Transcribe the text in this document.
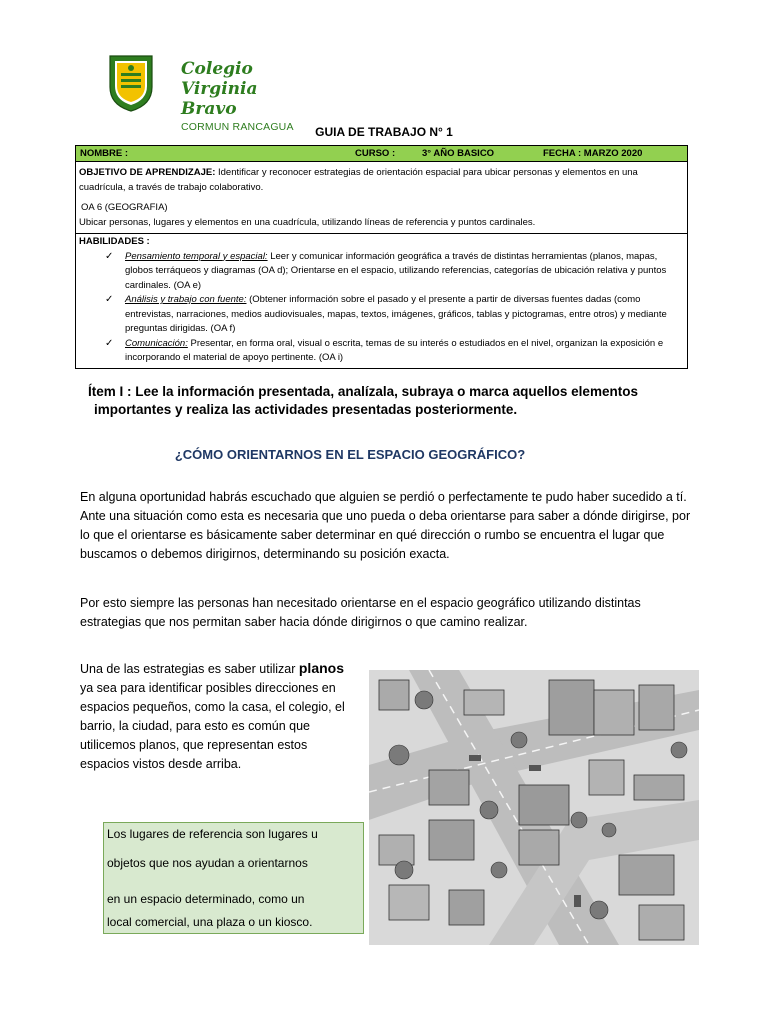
Colegio
Virginia Bravo
CORMUN RANCAGUA	GUIA DE TRABAJO N° 1
NOMBRE :	CURSO :	3° AÑO BASICO	FECHA : MARZO 2020
OBJETIVO DE APRENDIZAJE: Identificar y reconocer estrategias de orientación espacial para ubicar personas y elementos en una cuadrícula, a través de trabajo colaborativo.
OA 6 (GEOGRAFIA)
Ubicar personas, lugares y elementos en una cuadrícula, utilizando líneas de referencia y puntos cardinales.
HABILIDADES :
✓ Pensamiento temporal y espacial: Leer y comunicar información geográfica a través de distintas herramientas (planos, mapas, globos terráqueos y diagramas (OA d); Orientarse en el espacio, utilizando referencias, categorías de ubicación relativa y puntos cardinales. (OA e)
✓ Análisis y trabajo con fuente: (Obtener información sobre el pasado y el presente a partir de diversas fuentes dadas (como entrevistas, narraciones, medios audiovisuales, mapas, textos, imágenes, gráficos, tablas y pictogramas, entre otros) y mediante preguntas dirigidas. (OA f)
✓ Comunicación: Presentar, en forma oral, visual o escrita, temas de su interés o estudiados en el nivel, organizan la exposición e incorporando el material de apoyo pertinente. (OA i)
Ítem I : Lee la información presentada, analízala, subraya o marca aquellos elementos
importantes y realiza las actividades presentadas posteriormente.
¿CÓMO ORIENTARNOS EN EL ESPACIO GEOGRÁFICO?
En alguna oportunidad habrás escuchado que alguien se perdió o perfectamente te pudo haber sucedido a tí. Ante una situación como esta es necesaria que uno pueda o deba orientarse para saber a dónde dirigirse, por lo que el orientarse es básicamente saber determinar en qué dirección o rumbo se encuentra el lugar que buscamos o debemos dirigirnos, determinando su posición exacta.
Por esto siempre las personas han necesitado orientarse en el espacio geográfico utilizando distintas estrategias que nos permitan saber hacia dónde dirigirnos o que camino realizar.
Una de las estrategias es saber utilizar planos ya sea para identificar posibles direcciones en espacios pequeños, como la casa, el colegio, el barrio, la ciudad, para esto es común que utilicemos planos, que representan estos espacios vistos desde arriba.
Los lugares de referencia son lugares u
objetos que nos ayudan a orientarnos
en un espacio determinado, como un
local comercial, una plaza o un kiosco.
